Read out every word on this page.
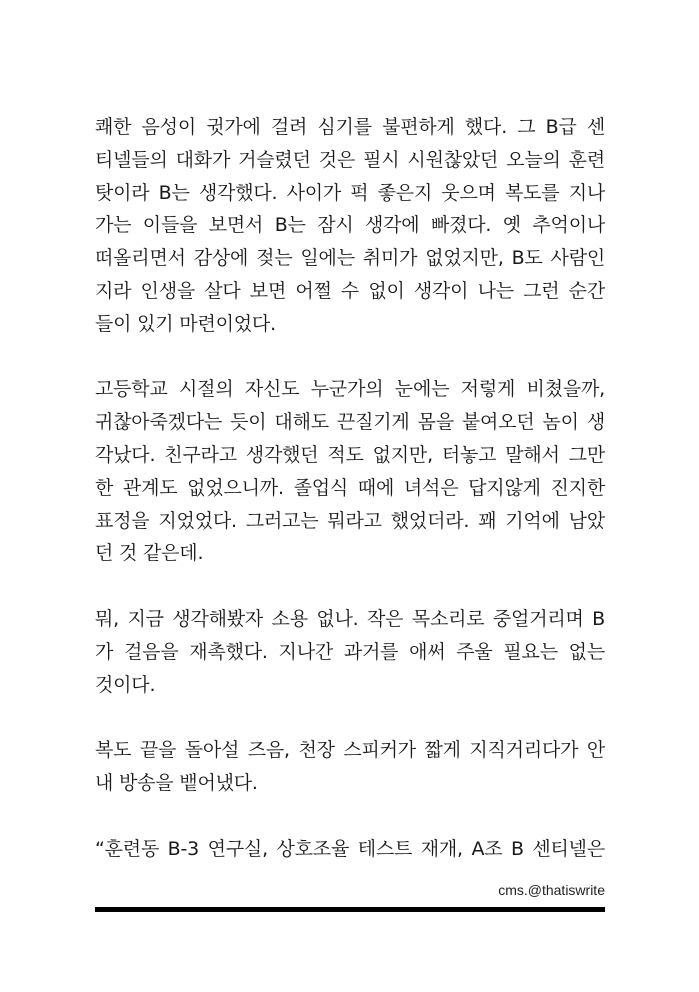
쾌한 음성이 귓가에 걸려 심기를 불편하게 했다. 그 B급 센
티넬들의 대화가 거슬렸던 것은 필시 시원찮았던 오늘의 훈련
탓이라 B는 생각했다. 사이가 퍽 좋은지 웃으며 복도를 지나
가는 이들을 보면서 B는 잠시 생각에 빠졌다. 옛 추억이나
떠올리면서 감상에 젖는 일에는 취미가 없었지만, B도 사람인
지라 인생을 살다 보면 어쩔 수 없이 생각이 나는 그런 순간
들이 있기 마련이었다.
고등학교 시절의 자신도 누군가의 눈에는 저렇게 비쳤을까,
귀찮아죽겠다는 듯이 대해도 끈질기게 몸을 붙여오던 놈이 생
각났다. 친구라고 생각했던 적도 없지만, 터놓고 말해서 그만
한 관계도 없었으니까. 졸업식 때에 녀석은 답지않게 진지한
표정을 지었었다. 그러고는 뭐라고 했었더라. 꽤 기억에 남았
던 것 같은데.
뭐, 지금 생각해봤자 소용 없나. 작은 목소리로 중얼거리며 B
가 걸음을 재촉했다. 지나간 과거를 애써 주울 필요는 없는
것이다.
복도 끝을 돌아설 즈음, 천장 스피커가 짧게 지직거리다가 안
내 방송을 뱉어냈다.
“훈련동 B-3 연구실, 상호조율 테스트 재개, A조 B 센티넬은
cms.@thatiswrite
